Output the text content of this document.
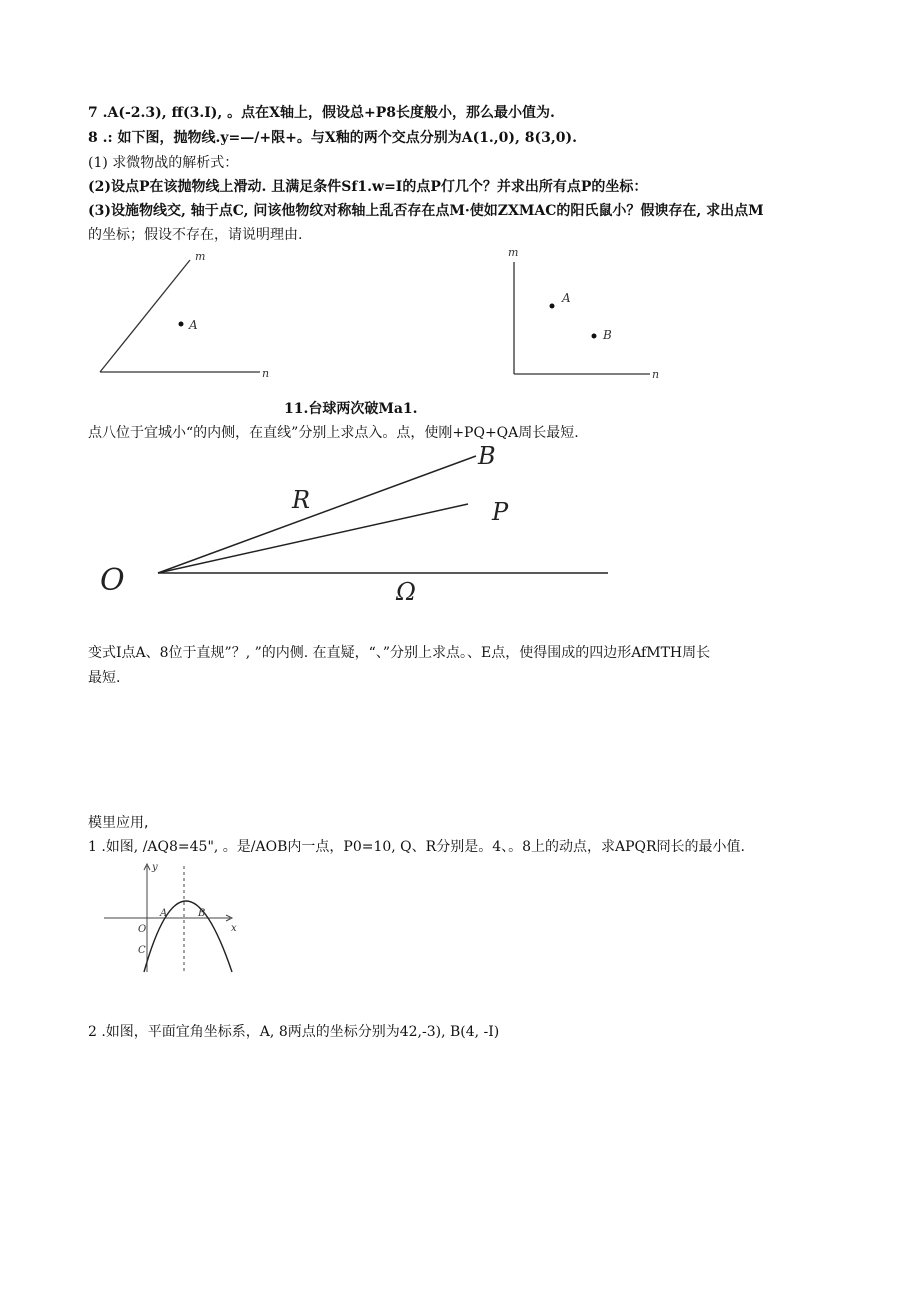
7 .A(-2.3), ff(3.I), 。点在X轴上，假设总+P8长度般小，那么最小值为.
8 .: 如下图，抛物线.y=—/+限+。与X釉的两个交点分别为A(1.,0), 8(3,0).
(1) 求微物战的解析式：
(2)设点P在该抛物线上滑动. 且满足条件Sf1.w=I的点P仃几个？并求出所有点P的坐标：
(3)设施物线交, 轴于点C, 问该他物纹对称轴上乱否存在点M·使如ZXMAC的阳氏鼠小？假谀存在, 求出点M
的坐标；假设不存在，请说明理由.
m
n
A
m
n
A
B
11.台球两次破Ma1.
点八位于宜城小“的内侧，在直线”分别上求点入。点，使刚+PQ+QA周长最短.
B
R	P
O	Ω
变式I点A、8位于直规”？, ”的内侧. 在直疑，“、”分别上求点。、E点，使得围成的四边形AfMTH周长
最短.
模里应用,
1 .如图, /AQ8=45", 。是/AOB内一点，P0=10, Q、R分别是。4、。8上的动点，求APQR冏长的最小值.
y
x
A	B
O
C
2 .如图，平面宜角坐标系，A, 8两点的坐标分别为42,-3), B(4, -I)
